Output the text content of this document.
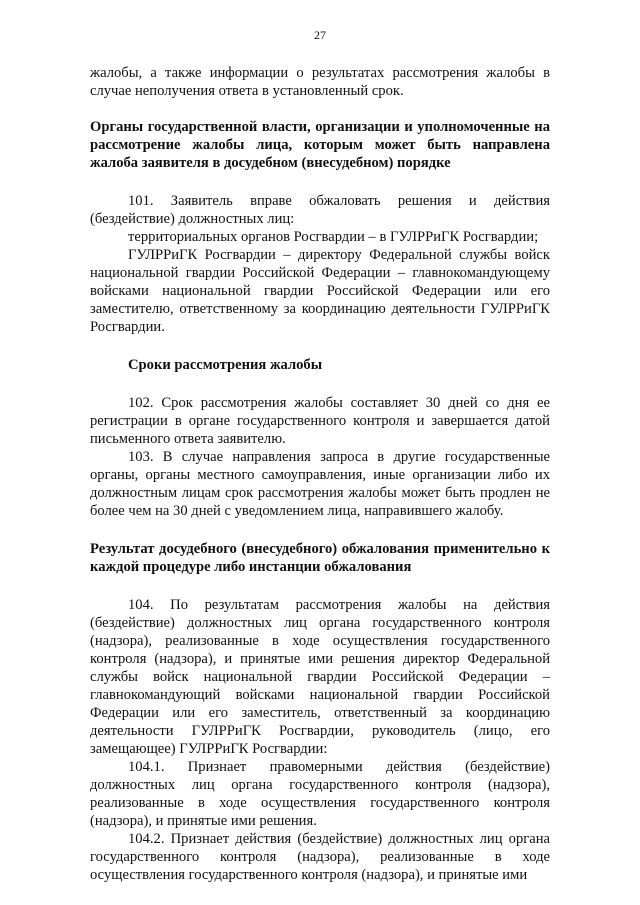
27

жалобы, а также информации о результатах рассмотрения жалобы в случае неполучения ответа в установленный срок.

Органы государственной власти, организации и уполномоченные на рассмотрение жалобы лица, которым может быть направлена жалоба заявителя в досудебном (внесудебном) порядке

101. Заявитель вправе обжаловать решения и действия (бездействие) должностных лиц:

территориальных органов Росгвардии – в ГУЛРРиГК Росгвардии;

ГУЛРРиГК Росгвардии – директору Федеральной службы войск национальной гвардии Российской Федерации – главнокомандующему войсками национальной гвардии Российской Федерации или его заместителю, ответственному за координацию деятельности ГУЛРРиГК Росгвардии.

Сроки рассмотрения жалобы

102. Срок рассмотрения жалобы составляет 30 дней со дня ее регистрации в органе государственного контроля и завершается датой письменного ответа заявителю.

103. В случае направления запроса в другие государственные органы, органы местного самоуправления, иные организации либо их должностным лицам срок рассмотрения жалобы может быть продлен не более чем на 30 дней с уведомлением лица, направившего жалобу.

Результат досудебного (внесудебного) обжалования применительно к каждой процедуре либо инстанции обжалования

104. По результатам рассмотрения жалобы на действия (бездействие) должностных лиц органа государственного контроля (надзора), реализованные в ходе осуществления государственного контроля (надзора), и принятые ими решения директор Федеральной службы войск национальной гвардии Российской Федерации – главнокомандующий войсками национальной гвардии Российской Федерации или его заместитель, ответственный за координацию деятельности ГУЛРРиГК Росгвардии, руководитель (лицо, его замещающее) ГУЛРРиГК Росгвардии:

104.1. Признает правомерными действия (бездействие) должностных лиц органа государственного контроля (надзора), реализованные в ходе осуществления государственного контроля (надзора), и принятые ими решения.

104.2. Признает действия (бездействие) должностных лиц органа государственного контроля (надзора), реализованные в ходе осуществления государственного контроля (надзора), и принятые ими
